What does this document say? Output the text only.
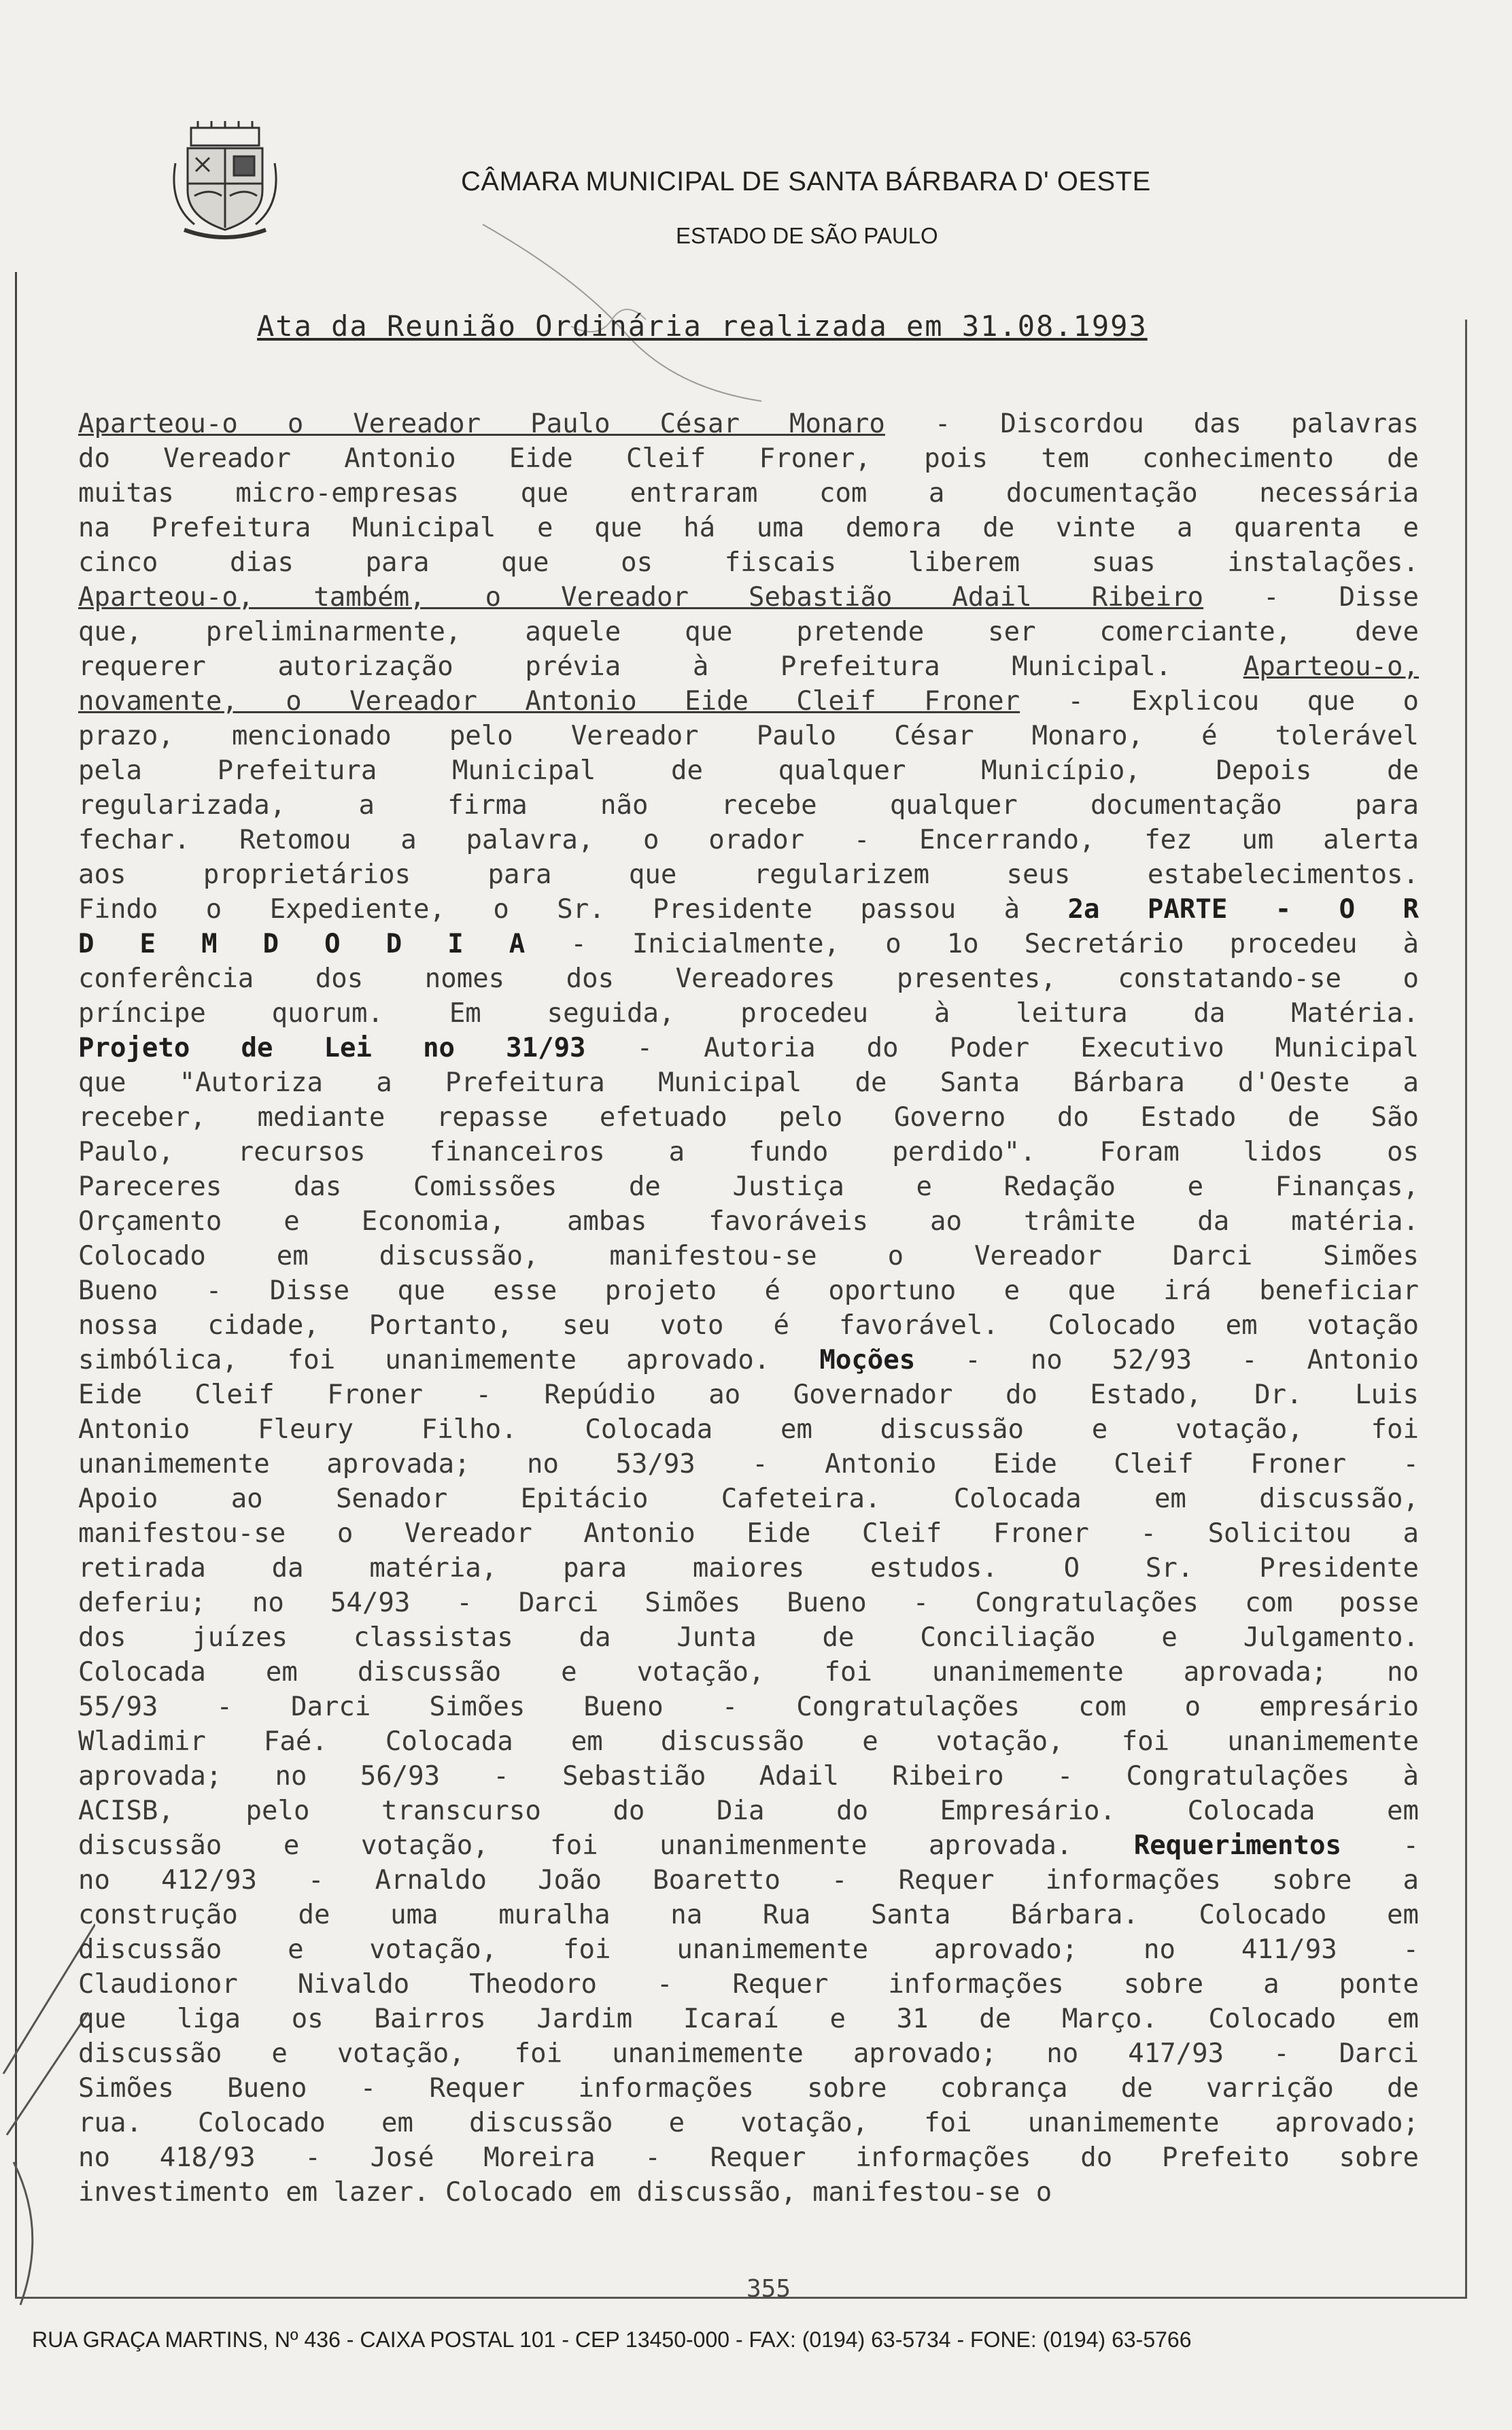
CÂMARA MUNICIPAL DE SANTA BÁRBARA D' OESTE
ESTADO DE SÃO PAULO
Ata da Reunião Ordinária realizada em 31.08.1993
Aparteou-o o Vereador Paulo César Monaro - Discordou das palavras
do Vereador Antonio Eide Cleif Froner, pois tem conhecimento de
muitas micro-empresas que entraram com a documentação necessária
na Prefeitura Municipal e que há uma demora de vinte a quarenta e
cinco dias para que os fiscais liberem suas instalações.
Aparteou-o, também, o Vereador Sebastião Adail Ribeiro - Disse
que, preliminarmente, aquele que pretende ser comerciante, deve
requerer autorização prévia à Prefeitura Municipal. Aparteou-o,
novamente, o Vereador Antonio Eide Cleif Froner - Explicou que o
prazo, mencionado pelo Vereador Paulo César Monaro, é tolerável
pela Prefeitura Municipal de qualquer Município, Depois de
regularizada, a firma não recebe qualquer documentação para
fechar. Retomou a palavra, o orador - Encerrando, fez um alerta
aos proprietários para que regularizem seus estabelecimentos.
Findo o Expediente, o Sr. Presidente passou à 2a PARTE - O R
D E M D O D I A - Inicialmente, o 1o Secretário procedeu à
conferência dos nomes dos Vereadores presentes, constatando-se o
príncipe quorum. Em seguida, procedeu à leitura da Matéria.
Projeto de Lei no 31/93 - Autoria do Poder Executivo Municipal
que "Autoriza a Prefeitura Municipal de Santa Bárbara d'Oeste a
receber, mediante repasse efetuado pelo Governo do Estado de São
Paulo, recursos financeiros a fundo perdido". Foram lidos os
Pareceres das Comissões de Justiça e Redação e Finanças,
Orçamento e Economia, ambas favoráveis ao trâmite da matéria.
Colocado em discussão, manifestou-se o Vereador Darci Simões
Bueno - Disse que esse projeto é oportuno e que irá beneficiar
nossa cidade, Portanto, seu voto é favorável. Colocado em votação
simbólica, foi unanimemente aprovado. Moções - no 52/93 - Antonio
Eide Cleif Froner - Repúdio ao Governador do Estado, Dr. Luis
Antonio Fleury Filho. Colocada em discussão e votação, foi
unanimemente aprovada; no 53/93 - Antonio Eide Cleif Froner -
Apoio ao Senador Epitácio Cafeteira. Colocada em discussão,
manifestou-se o Vereador Antonio Eide Cleif Froner - Solicitou a
retirada da matéria, para maiores estudos. O Sr. Presidente
deferiu; no 54/93 - Darci Simões Bueno - Congratulações com posse
dos juízes classistas da Junta de Conciliação e Julgamento.
Colocada em discussão e votação, foi unanimemente aprovada; no
55/93 - Darci Simões Bueno - Congratulações com o empresário
Wladimir Faé. Colocada em discussão e votação, foi unanimemente
aprovada; no 56/93 - Sebastião Adail Ribeiro - Congratulações à
ACISB, pelo transcurso do Dia do Empresário. Colocada em
discussão e votação, foi unanimenmente aprovada. Requerimentos -
no 412/93 - Arnaldo João Boaretto - Requer informações sobre a
construção de uma muralha na Rua Santa Bárbara. Colocado em
discussão e votação, foi unanimemente aprovado; no 411/93 -
Claudionor Nivaldo Theodoro - Requer informações sobre a ponte
que liga os Bairros Jardim Icaraí e 31 de Março. Colocado em
discussão e votação, foi unanimemente aprovado; no 417/93 - Darci
Simões Bueno - Requer informações sobre cobrança de varrição de
rua. Colocado em discussão e votação, foi unanimemente aprovado;
no 418/93 - José Moreira - Requer informações do Prefeito sobre
investimento em lazer. Colocado em discussão, manifestou-se o
355
RUA GRAÇA MARTINS, Nº 436 - CAIXA POSTAL 101 - CEP 13450-000 - FAX: (0194) 63-5734 - FONE: (0194) 63-5766
